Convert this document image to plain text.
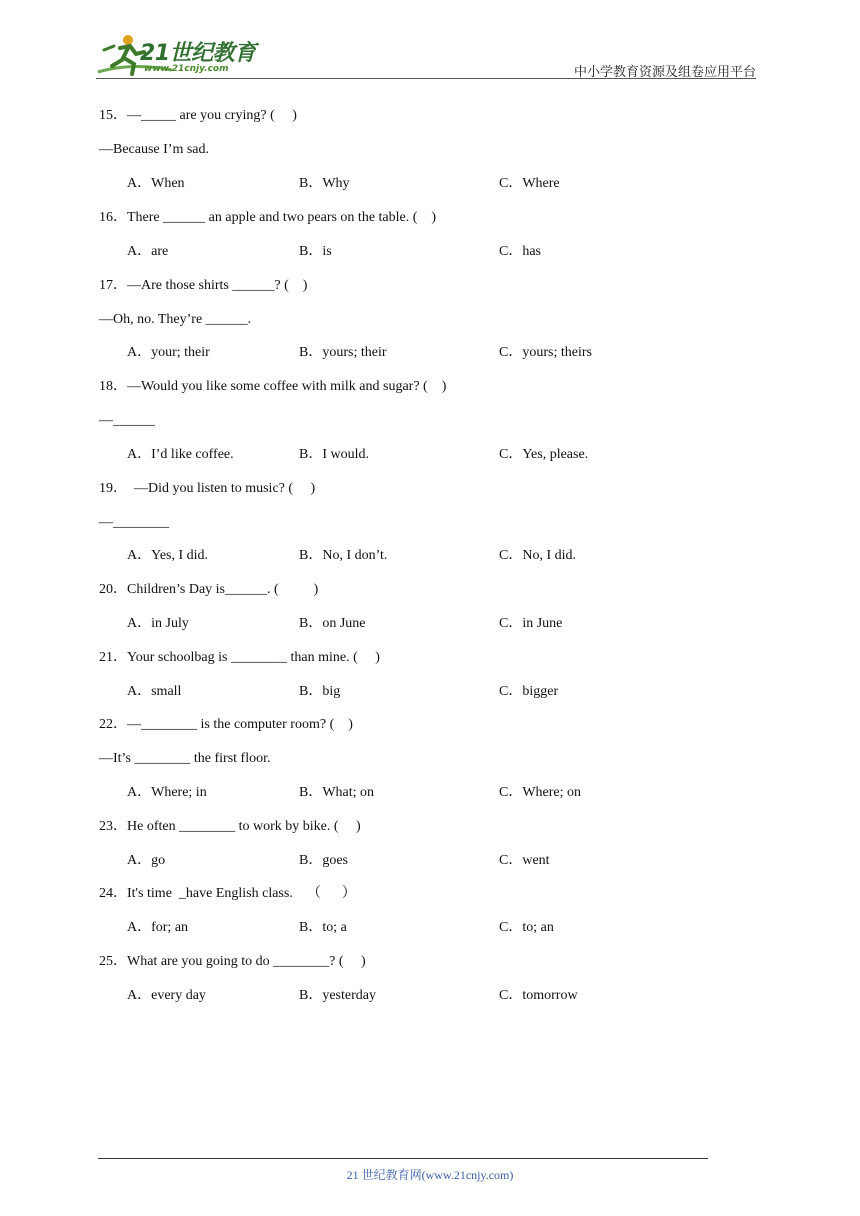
21世纪教育
www.21cnjy.com	中小学教育资源及组卷应用平台
15．—_____ are you crying? (     )
—Because I’m sad.
A．When	B．Why	C．Where
16．There ______ an apple and two pears on the table. (    )
A．are	B．is	C．has
17．—Are those shirts ______? (    )
—Oh, no. They’re ______.
A．your; their	B．yours; their	C．yours; theirs
18．—Would you like some coffee with milk and sugar? (    )
—______
A．I’d like coffee.	B．I would.	C．Yes, please.
19．  —Did you listen to music? (     )
—________
A．Yes, I did.	B．No, I don’t.	C．No, I did.
20．Children’s Day is______. (          )
A．in July	B．on June	C．in June
21．Your schoolbag is ________ than mine. (     )
A．small	B．big	C．bigger
22．—________ is the computer room? (    )
—It’s ________ the first floor.
A．Where; in	B．What; on	C．Where; on
23．He often ________ to work by bike. (     )
A．go	B．goes	C．went
24．It's time  _have English class.    （      ）
A．for; an	B．to; a	C．to; an
25．What are you going to do ________? (     )
A．every day	B．yesterday	C．tomorrow
21 世纪教育网(www.21cnjy.com)
